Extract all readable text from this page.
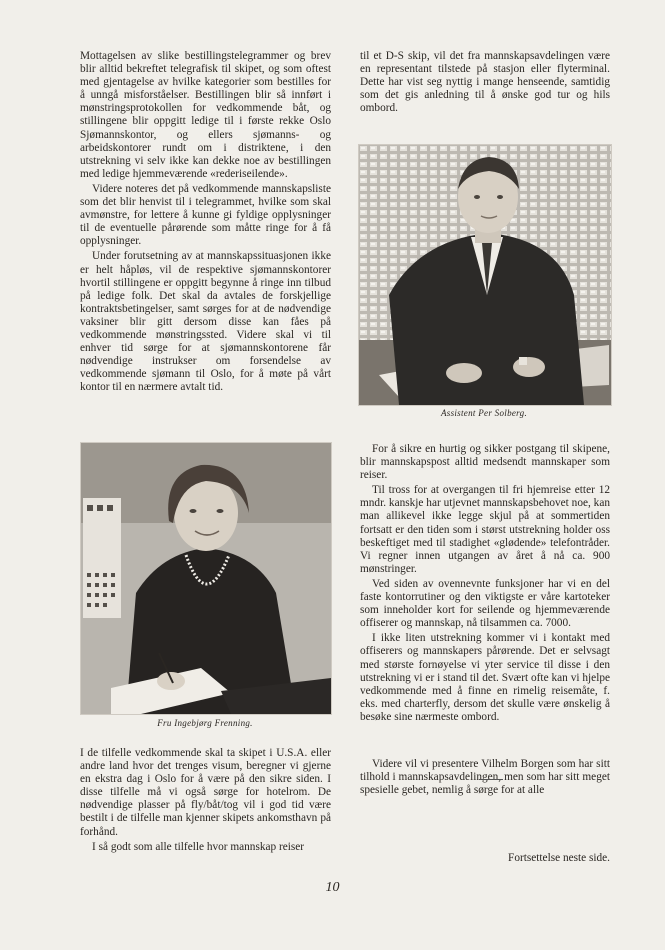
Mottagelsen av slike bestillingstelegrammer og brev blir alltid bekreftet telegrafisk til skipet, og som oftest med gjentagelse av hvilke kategorier som bestilles for å unngå misforståelser. Bestillingen blir så innført i mønstringsprotokollen for vedkommende båt, og stillingene blir oppgitt ledige til i første rekke Oslo Sjømannskontor, og ellers sjømanns- og arbeidskontorer rundt om i distriktene, i den utstrekning vi selv ikke kan dekke noe av bestillingen med ledige hjemmeværende «rederiseilende».

Videre noteres det på vedkommende mannskapsliste som det blir henvist til i telegrammet, hvilke som skal avmønstre, for lettere å kunne gi fyldige opplysninger til de eventuelle pårørende som måtte ringe for å få opplysninger.

Under forutsetning av at mannskapssituasjonen ikke er helt håpløs, vil de respektive sjømannskontorer hvortil stillingene er oppgitt begynne å ringe inn tilbud på ledige folk. Det skal da avtales de forskjellige kontraktsbetingelser, samt sørges for at de nødvendige vaksiner blir gitt dersom disse kan fåes på vedkommende mønstringssted. Videre skal vi til enhver tid sørge for at sjømannskontorene får nødvendige instrukser om forsendelse av vedkommende sjømann til Oslo, for å møte på vårt kontor til en nærmere avtalt tid.

til et D-S skip, vil det fra mannskapsavdelingen være en representant tilstede på stasjon eller flyterminal. Dette har vist seg nyttig i mange henseende, samtidig som det gis anledning til å ønske god tur og hils ombord.

Assistent Per Solberg.
Fru Ingebjørg Frenning.

For å sikre en hurtig og sikker postgang til skipene, blir mannskapspost alltid medsendt mannskaper som reiser.

Til tross for at overgangen til fri hjemreise etter 12 mndr. kanskje har utjevnet mannskapsbehovet noe, kan man allikevel ikke legge skjul på at sommertiden fortsatt er den tiden som i størst utstrekning holder oss beskeftiget med til stadighet «glødende» telefontråder. Vi regner innen utgangen av året å nå ca. 900 mønstringer.

Ved siden av ovennevnte funksjoner har vi en del faste kontorrutiner og den viktigste er våre kartoteker som inneholder kort for seilende og hjemmeværende offiserer og mannskap, nå tilsammen ca. 7000.

I ikke liten utstrekning kommer vi i kontakt med offiserers og mannskapers pårørende. Det er selvsagt med største fornøyelse vi yter service til disse i den utstrekning vi er i stand til det. Svært ofte kan vi hjelpe vedkommende med å finne en rimelig reisemåte, f. eks. med charterfly, dersom det skulle være ønskelig å besøke sine nærmeste ombord.

Videre vil vi presentere Vilhelm Borgen som har sitt tilhold i mannskapsavdelingen, men som har sitt meget spesielle gebet, nemlig å sørge for at alle

Fortsettelse neste side.

I de tilfelle vedkommende skal ta skipet i U.S.A. eller andre land hvor det trenges visum, beregner vi gjerne en ekstra dag i Oslo for å være på den sikre siden. I disse tilfelle må vi også sørge for hotelrom. De nødvendige plasser på fly/båt/tog vil i god tid være bestilt i de tilfelle man kjenner skipets ankomsthavn på forhånd.

I så godt som alle tilfelle hvor mannskap reiser

10
